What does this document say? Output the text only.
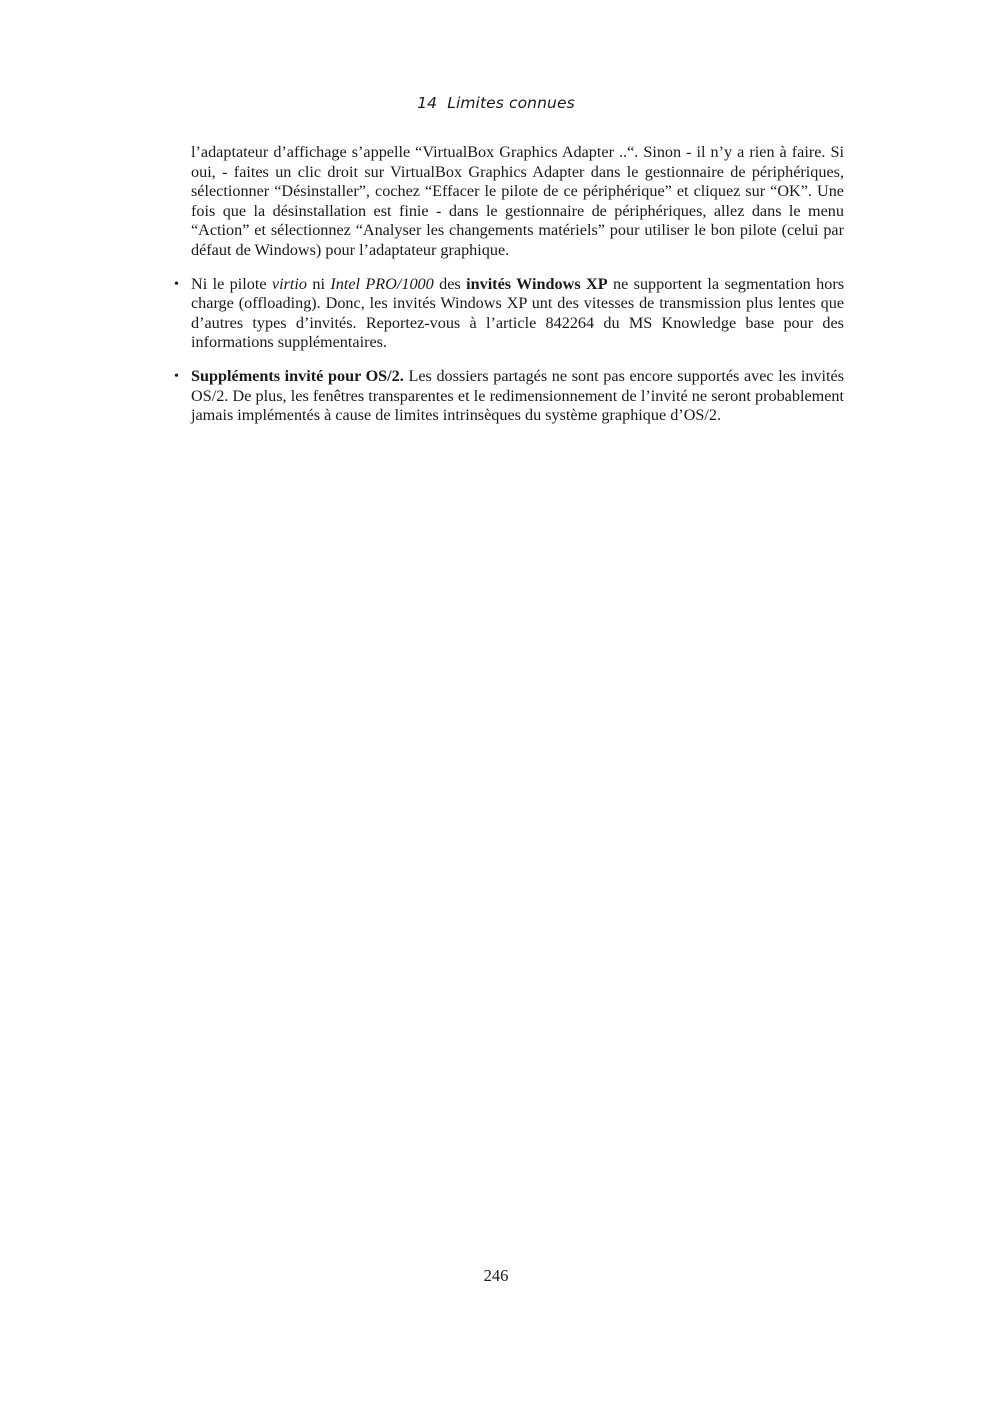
14 Limites connues

l’adaptateur d’affichage s’appelle “VirtualBox Graphics Adapter ..“. Sinon - il n’y a rien à faire. Si oui, - faites un clic droit sur VirtualBox Graphics Adapter dans le gestionnaire de périphériques, sélectionner “Désinstaller”, cochez “Effacer le pilote de ce périphérique” et cliquez sur “OK”. Une fois que la désinstallation est finie - dans le gestionnaire de périphériques, allez dans le menu “Action” et sélectionnez “Analyser les changements matériels” pour utiliser le bon pilote (celui par défaut de Windows) pour l’adaptateur graphique.

• Ni le pilote virtio ni Intel PRO/1000 des invités Windows XP ne supportent la segmentation hors charge (offloading). Donc, les invités Windows XP unt des vitesses de transmission plus lentes que d’autres types d’invités. Reportez-vous à l’article 842264 du MS Knowledge base pour des informations supplémentaires.
• Suppléments invité pour OS/2. Les dossiers partagés ne sont pas encore supportés avec les invités OS/2. De plus, les fenêtres transparentes et le redimensionnement de l’invité ne seront probablement jamais implémentés à cause de limites intrinsèques du système graphique d’OS/2.
246
